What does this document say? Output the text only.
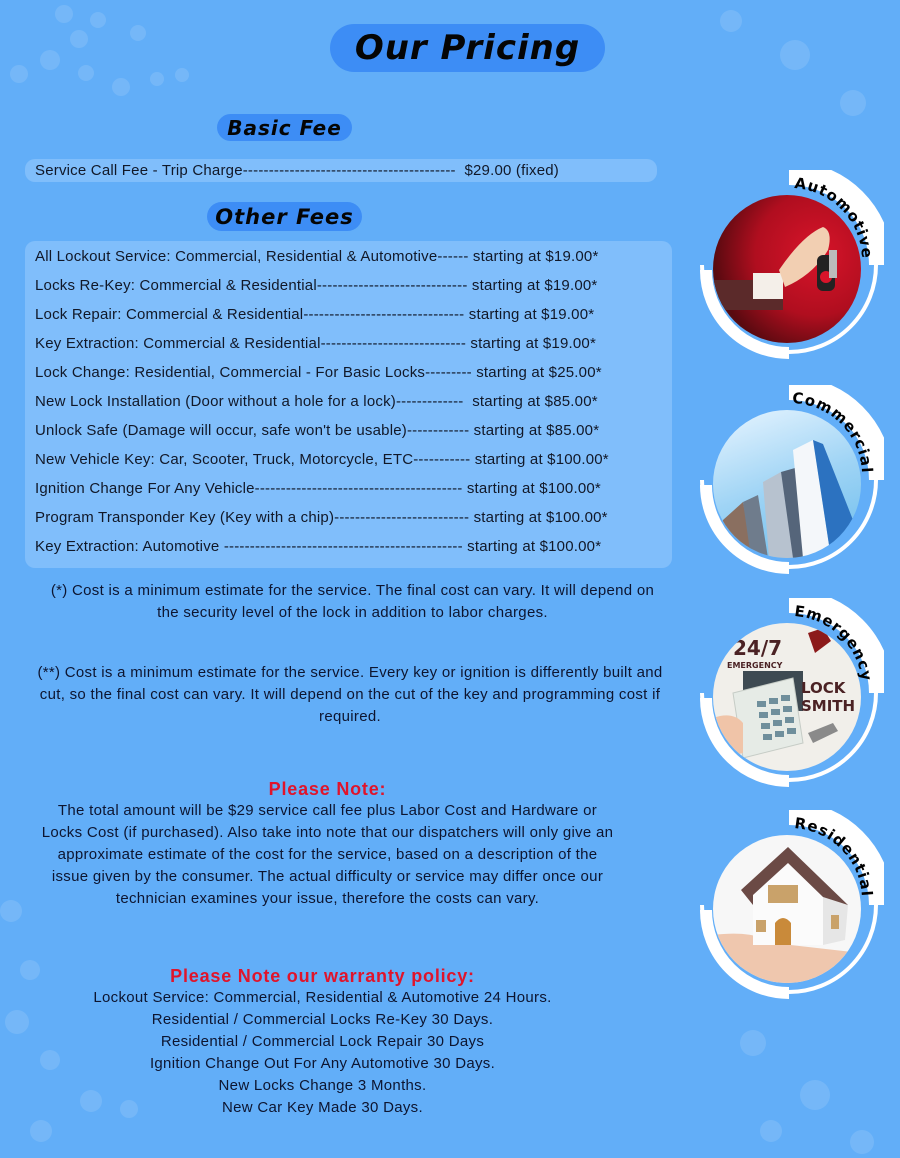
Our Pricing
Basic Fee
Service Call Fee - Trip Charge-----------------------------------------  $29.00 (fixed)
Other Fees
All Lockout Service: Commercial, Residential & Automotive------ starting at $19.00*
Locks Re-Key: Commercial & Residential----------------------------- starting at $19.00*
Lock Repair: Commercial & Residential------------------------------- starting at $19.00*
Key Extraction: Commercial & Residential---------------------------- starting at $19.00*
Lock Change: Residential, Commercial - For Basic Locks--------- starting at $25.00*
New Lock Installation (Door without a hole for a lock)-------------  starting at $85.00*
Unlock Safe (Damage will occur, safe won't be usable)------------ starting at $85.00*
New Vehicle Key: Car, Scooter, Truck, Motorcycle, ETC----------- starting at $100.00*
Ignition Change For Any Vehicle---------------------------------------- starting at $100.00*
Program Transponder Key (Key with a chip)-------------------------- starting at $100.00*
Key Extraction: Automotive ---------------------------------------------- starting at $100.00*

(*) Cost is a minimum estimate for the service. The final cost can vary. It will depend on the security level of the lock in addition to labor charges.

(**) Cost is a minimum estimate for the service. Every key or ignition is differently built and cut, so the final cost can vary. It will depend on the cut of the key and programming cost if required.

Please Note:
The total amount will be $29 service call fee plus Labor Cost and Hardware or Locks Cost (if purchased). Also take into note that our dispatchers will only give an approximate estimate of the cost for the service, based on a description of the issue given by the consumer. The actual difficulty or service may differ once our technician examines your issue, therefore the costs can vary.
Please Note our warranty policy:
Lockout Service: Commercial, Residential & Automotive 24 Hours.
Residential / Commercial Locks Re-Key 30 Days.
Residential / Commercial Lock Repair 30 Days
Ignition Change Out For Any Automotive 30 Days.
New Locks Change 3 Months.
New Car Key Made 30 Days.
Automotive
Commercial
24/7
EMERGENCY
LOCK
SMITH
Emergency
Residential
